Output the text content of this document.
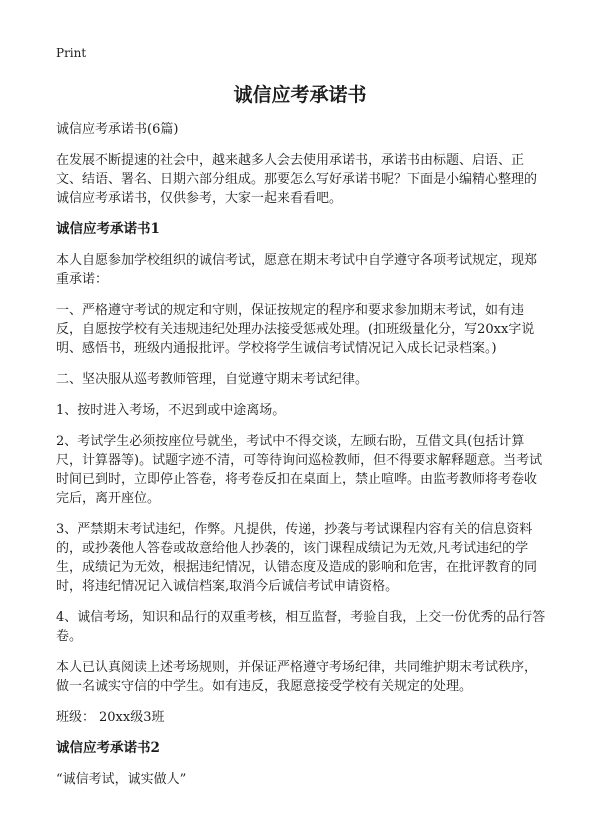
Print
诚信应考承诺书

诚信应考承诺书(6篇)

在发展不断提速的社会中，越来越多人会去使用承诺书，承诺书由标题、启语、正文、结语、署名、日期六部分组成。那要怎么写好承诺书呢？下面是小编精心整理的诚信应考承诺书，仅供参考，大家一起来看看吧。

诚信应考承诺书1

本人自愿参加学校组织的诚信考试，愿意在期末考试中自学遵守各项考试规定，现郑重承诺：

一、严格遵守考试的规定和守则，保证按规定的程序和要求参加期末考试，如有违反，自愿按学校有关违规违纪处理办法接受惩戒处理。(扣班级量化分，写20xx字说明、感悟书，班级内通报批评。学校将学生诚信考试情况记入成长记录档案。)

二、坚决服从巡考教师管理，自觉遵守期末考试纪律。

1、按时进入考场，不迟到或中途离场。

2、考试学生必须按座位号就坐，考试中不得交谈，左顾右盼，互借文具(包括计算尺，计算器等)。试题字迹不清，可等待询问巡检教师，但不得要求解释题意。当考试时间已到时，立即停止答卷，将考卷反扣在桌面上，禁止喧哗。由监考教师将考卷收完后，离开座位。

3、严禁期末考试违纪，作弊。凡提供，传递，抄袭与考试课程内容有关的信息资料的，或抄袭他人答卷或故意给他人抄袭的，该门课程成绩记为无效,凡考试违纪的学生，成绩记为无效，根据违纪情况，认错态度及造成的影响和危害，在批评教育的同时，将违纪情况记入诚信档案,取消今后诚信考试申请资格。

4、诚信考场，知识和品行的双重考核，相互监督，考验自我，上交一份优秀的品行答卷。

本人已认真阅读上述考场规则，并保证严格遵守考场纪律，共同维护期末考试秩序，做一名诚实守信的中学生。如有违反，我愿意接受学校有关规定的处理。

班级： 20xx级3班

诚信应考承诺书2

“诚信考试，诚实做人”
